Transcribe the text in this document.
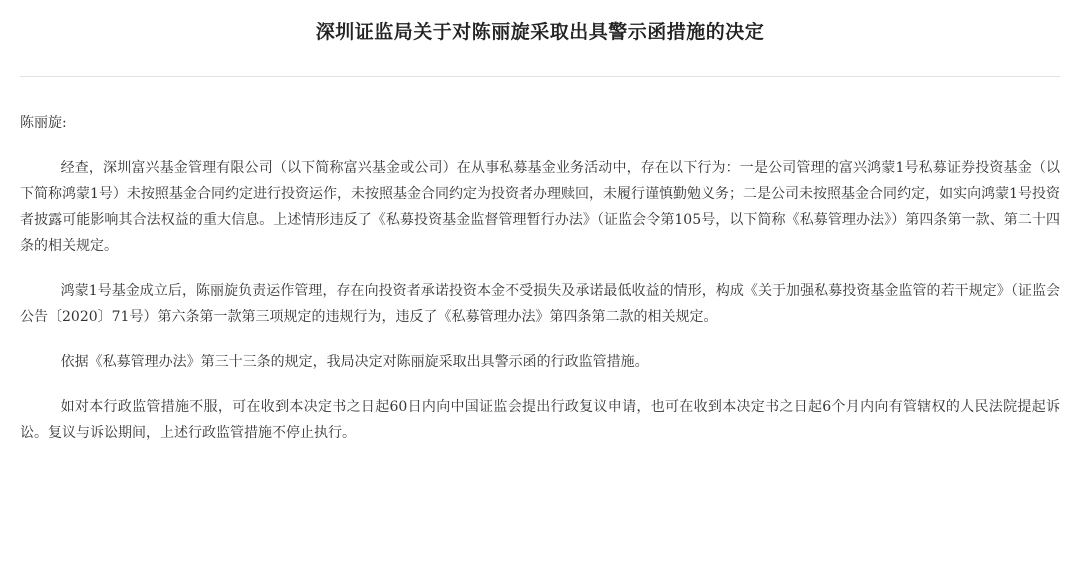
深圳证监局关于对陈丽旋采取出具警示函措施的决定

陈丽旋:

经查，深圳富兴基金管理有限公司（以下简称富兴基金或公司）在从事私募基金业务活动中，存在以下行为：一是公司管理的富兴鸿蒙1号私募证券投资基金（以下简称鸿蒙1号）未按照基金合同约定进行投资运作，未按照基金合同约定为投资者办理赎回，未履行谨慎勤勉义务；二是公司未按照基金合同约定，如实向鸿蒙1号投资者披露可能影响其合法权益的重大信息。上述情形违反了《私募投资基金监督管理暂行办法》（证监会令第105号，以下简称《私募管理办法》）第四条第一款、第二十四条的相关规定。

鸿蒙1号基金成立后，陈丽旋负责运作管理，存在向投资者承诺投资本金不受损失及承诺最低收益的情形，构成《关于加强私募投资基金监管的若干规定》（证监会公告〔2020〕71号）第六条第一款第三项规定的违规行为，违反了《私募管理办法》第四条第二款的相关规定。

依据《私募管理办法》第三十三条的规定，我局决定对陈丽旋采取出具警示函的行政监管措施。

如对本行政监管措施不服，可在收到本决定书之日起60日内向中国证监会提出行政复议申请，也可在收到本决定书之日起6个月内向有管辖权的人民法院提起诉讼。复议与诉讼期间，上述行政监管措施不停止执行。
